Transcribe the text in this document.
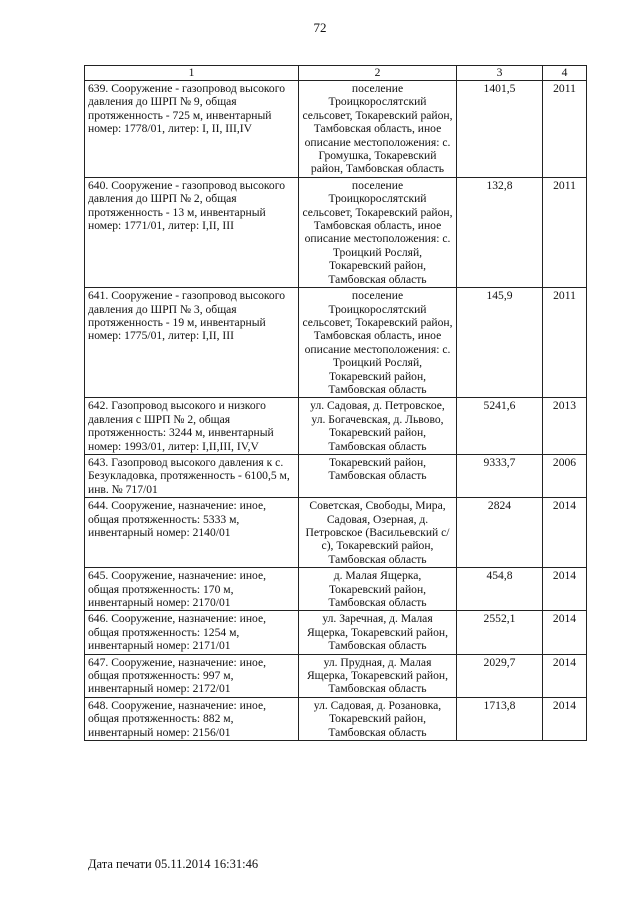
72
1	2	3	4
639. Сооружение - газопровод высокого давления до ШРП № 9, общая протяженность - 725 м, инвентарный номер: 1778/01, литер: I, II, III,IV	поселение Троицкорослятский сельсовет, Токаревский район, Тамбовская область, иное описание местоположения: с. Громушка, Токаревский район, Тамбовская область	1401,5	2011
640. Сооружение - газопровод высокого давления до ШРП № 2, общая протяженность - 13 м, инвентарный номер: 1771/01, литер: I,II, III	поселение Троицкорослятский сельсовет, Токаревский район, Тамбовская область, иное описание местоположения: с. Троицкий Росляй, Токаревский район, Тамбовская область	132,8	2011
641. Сооружение - газопровод высокого давления до ШРП № 3, общая протяженность - 19 м, инвентарный номер: 1775/01, литер: I,II, III	поселение Троицкорослятский сельсовет, Токаревский район, Тамбовская область, иное описание местоположения: с. Троицкий Росляй, Токаревский район, Тамбовская область	145,9	2011
642. Газопровод высокого и низкого давления с ШРП № 2, общая протяженность: 3244 м, инвентарный номер: 1993/01, литер: I,II,III, IV,V	ул. Садовая, д. Петровское, ул. Богачевская, д. Львово, Токаревский район, Тамбовская область	5241,6	2013
643. Газопровод высокого давления к с. Безукладовка, протяженность - 6100,5 м, инв. № 717/01	Токаревский район, Тамбовская область	9333,7	2006
644. Сооружение, назначение: иное, общая протяженность: 5333 м, инвентарный номер: 2140/01	Советская, Свободы, Мира, Садовая, Озерная, д. Петровское (Васильевский с/с), Токаревский район, Тамбовская область	2824	2014
645. Сооружение, назначение: иное, общая протяженность: 170 м, инвентарный номер: 2170/01	д. Малая Ящерка, Токаревский район, Тамбовская область	454,8	2014
646. Сооружение, назначение: иное, общая протяженность: 1254 м, инвентарный номер: 2171/01	ул. Заречная, д. Малая Ящерка, Токаревский район, Тамбовская область	2552,1	2014
647. Сооружение, назначение: иное, общая протяженность: 997 м, инвентарный номер: 2172/01	ул. Прудная, д. Малая Ящерка, Токаревский район, Тамбовская область	2029,7	2014
648. Сооружение, назначение: иное, общая протяженность: 882 м, инвентарный номер: 2156/01	ул. Садовая, д. Розановка, Токаревский район, Тамбовская область	1713,8	2014
Дата печати 05.11.2014 16:31:46
